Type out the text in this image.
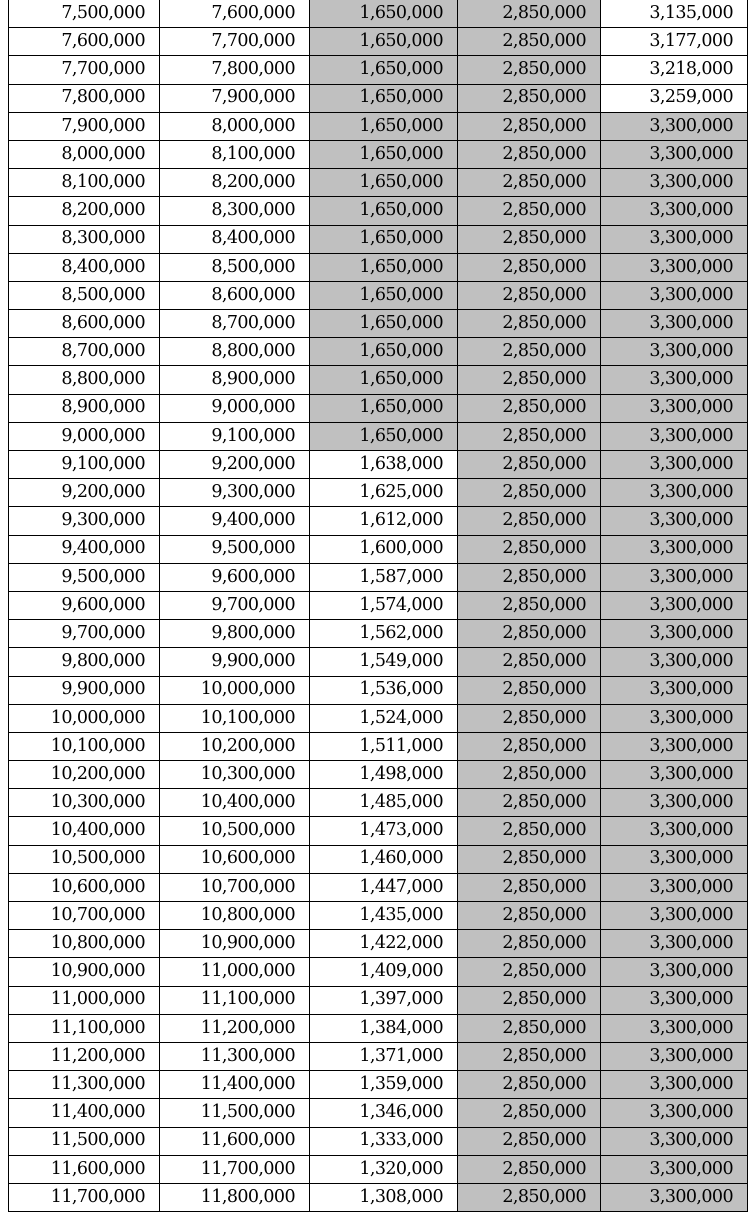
7,500,000	7,600,000	1,650,000	2,850,000	3,135,000
7,600,000	7,700,000	1,650,000	2,850,000	3,177,000
7,700,000	7,800,000	1,650,000	2,850,000	3,218,000
7,800,000	7,900,000	1,650,000	2,850,000	3,259,000
7,900,000	8,000,000	1,650,000	2,850,000	3,300,000
8,000,000	8,100,000	1,650,000	2,850,000	3,300,000
8,100,000	8,200,000	1,650,000	2,850,000	3,300,000
8,200,000	8,300,000	1,650,000	2,850,000	3,300,000
8,300,000	8,400,000	1,650,000	2,850,000	3,300,000
8,400,000	8,500,000	1,650,000	2,850,000	3,300,000
8,500,000	8,600,000	1,650,000	2,850,000	3,300,000
8,600,000	8,700,000	1,650,000	2,850,000	3,300,000
8,700,000	8,800,000	1,650,000	2,850,000	3,300,000
8,800,000	8,900,000	1,650,000	2,850,000	3,300,000
8,900,000	9,000,000	1,650,000	2,850,000	3,300,000
9,000,000	9,100,000	1,650,000	2,850,000	3,300,000
9,100,000	9,200,000	1,638,000	2,850,000	3,300,000
9,200,000	9,300,000	1,625,000	2,850,000	3,300,000
9,300,000	9,400,000	1,612,000	2,850,000	3,300,000
9,400,000	9,500,000	1,600,000	2,850,000	3,300,000
9,500,000	9,600,000	1,587,000	2,850,000	3,300,000
9,600,000	9,700,000	1,574,000	2,850,000	3,300,000
9,700,000	9,800,000	1,562,000	2,850,000	3,300,000
9,800,000	9,900,000	1,549,000	2,850,000	3,300,000
9,900,000	10,000,000	1,536,000	2,850,000	3,300,000
10,000,000	10,100,000	1,524,000	2,850,000	3,300,000
10,100,000	10,200,000	1,511,000	2,850,000	3,300,000
10,200,000	10,300,000	1,498,000	2,850,000	3,300,000
10,300,000	10,400,000	1,485,000	2,850,000	3,300,000
10,400,000	10,500,000	1,473,000	2,850,000	3,300,000
10,500,000	10,600,000	1,460,000	2,850,000	3,300,000
10,600,000	10,700,000	1,447,000	2,850,000	3,300,000
10,700,000	10,800,000	1,435,000	2,850,000	3,300,000
10,800,000	10,900,000	1,422,000	2,850,000	3,300,000
10,900,000	11,000,000	1,409,000	2,850,000	3,300,000
11,000,000	11,100,000	1,397,000	2,850,000	3,300,000
11,100,000	11,200,000	1,384,000	2,850,000	3,300,000
11,200,000	11,300,000	1,371,000	2,850,000	3,300,000
11,300,000	11,400,000	1,359,000	2,850,000	3,300,000
11,400,000	11,500,000	1,346,000	2,850,000	3,300,000
11,500,000	11,600,000	1,333,000	2,850,000	3,300,000
11,600,000	11,700,000	1,320,000	2,850,000	3,300,000
11,700,000	11,800,000	1,308,000	2,850,000	3,300,000
